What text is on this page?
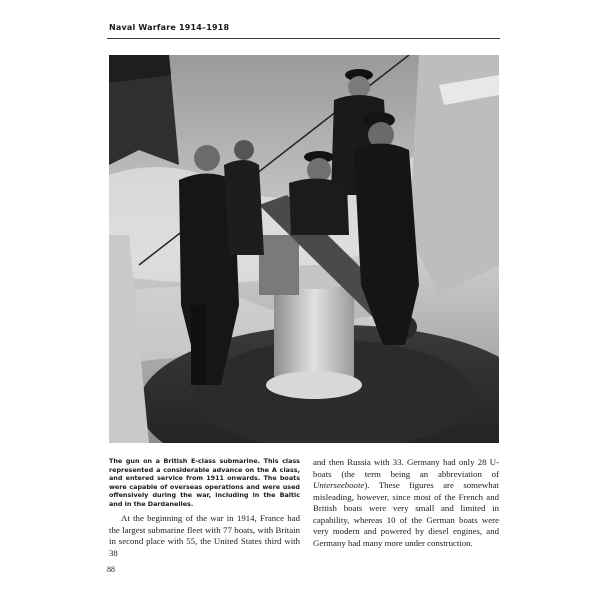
Naval Warfare 1914–1918
The gun on a British E-class submarine. This class represented a considerable advance on the A class, and entered service from 1911 onwards. The boats were capable of overseas operations and were used offensively during the war, including in the Baltic and in the Dardanelles.

At the beginning of the war in 1914, France had the largest submarine fleet with 77 boats, with Britain in second place with 55, the United States third with 38

and then Russia with 33. Germany had only 28 U-boats (the term being an abbreviation of Unterseeboote). These figures are somewhat misleading, however, since most of the French and British boats were very small and limited in capability, whereas 10 of the German boats were very modern and powered by diesel engines, and Germany had many more under construction.

88
